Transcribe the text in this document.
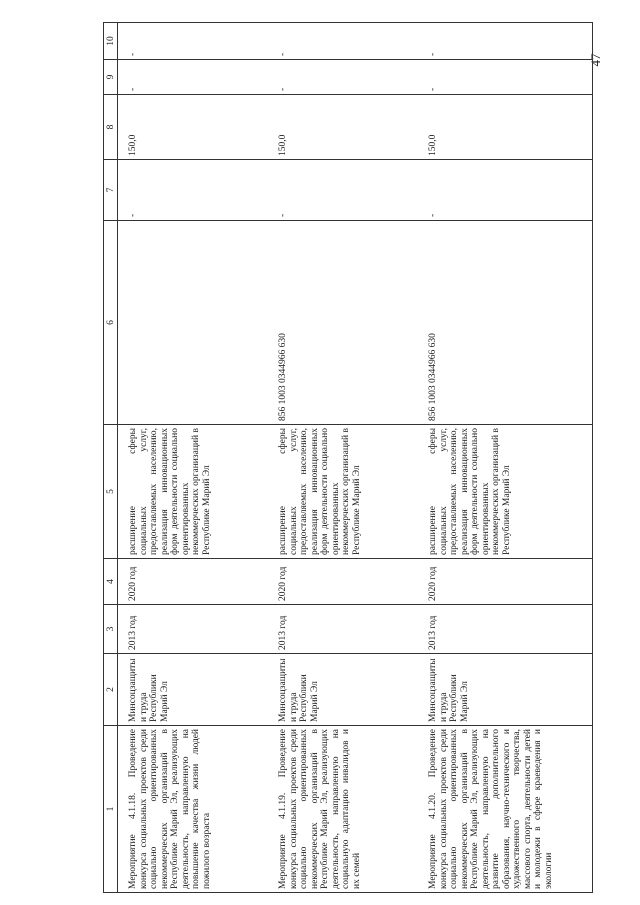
47
1	2	3	4	5	6	7	8	9	10

Мероприятие 4.1.18. Проведение конкурса социальных проектов среди социально ориентированных некоммерческих организаций в Республике Марий Эл, реализующих деятельность, направленную на повышение качества жизни людей пожилого возраста	Минсоцзащиты и труда Республики Марий Эл	2013 год	2020 год	расширение сферы социальных услуг, предоставляемых населению, реализация инновационных форм деятельности социально ориентированных некоммерческих организаций в Республике Марий Эл		-	150,0	-	-
Мероприятие 4.1.19. Проведение конкурса социальных проектов среди социально ориентированных некоммерческих организаций в Республике Марий Эл, реализующих деятельность, направленную на социальную адаптацию инвалидов и их семей	Минсоцзащиты и труда Республики Марий Эл	2013 год	2020 год	расширение сферы социальных услуг, предоставляемых населению, реализация инновационных форм деятельности социально ориентированных некоммерческих организаций в Республике Марий Эл	856 1003 0344966 630	-	150,0	-	-
Мероприятие 4.1.20. Проведение конкурса социальных проектов среди социально ориентированных некоммерческих организаций в Республике Марий Эл, реализующих деятельность, направленную на развитие дополнительного образования, научно-технического и художественного творчества, массового спорта, деятельности детей и молодежи в сфере краеведения и экологии	Минсоцзащиты и труда Республики Марий Эл	2013 год	2020 год	расширение сферы социальных услуг, предоставляемых населению, реализация инновационных форм деятельности социально ориентированных некоммерческих организаций в Республике Марий Эл	856 1003 0344966 630	-	150,0	-	-
